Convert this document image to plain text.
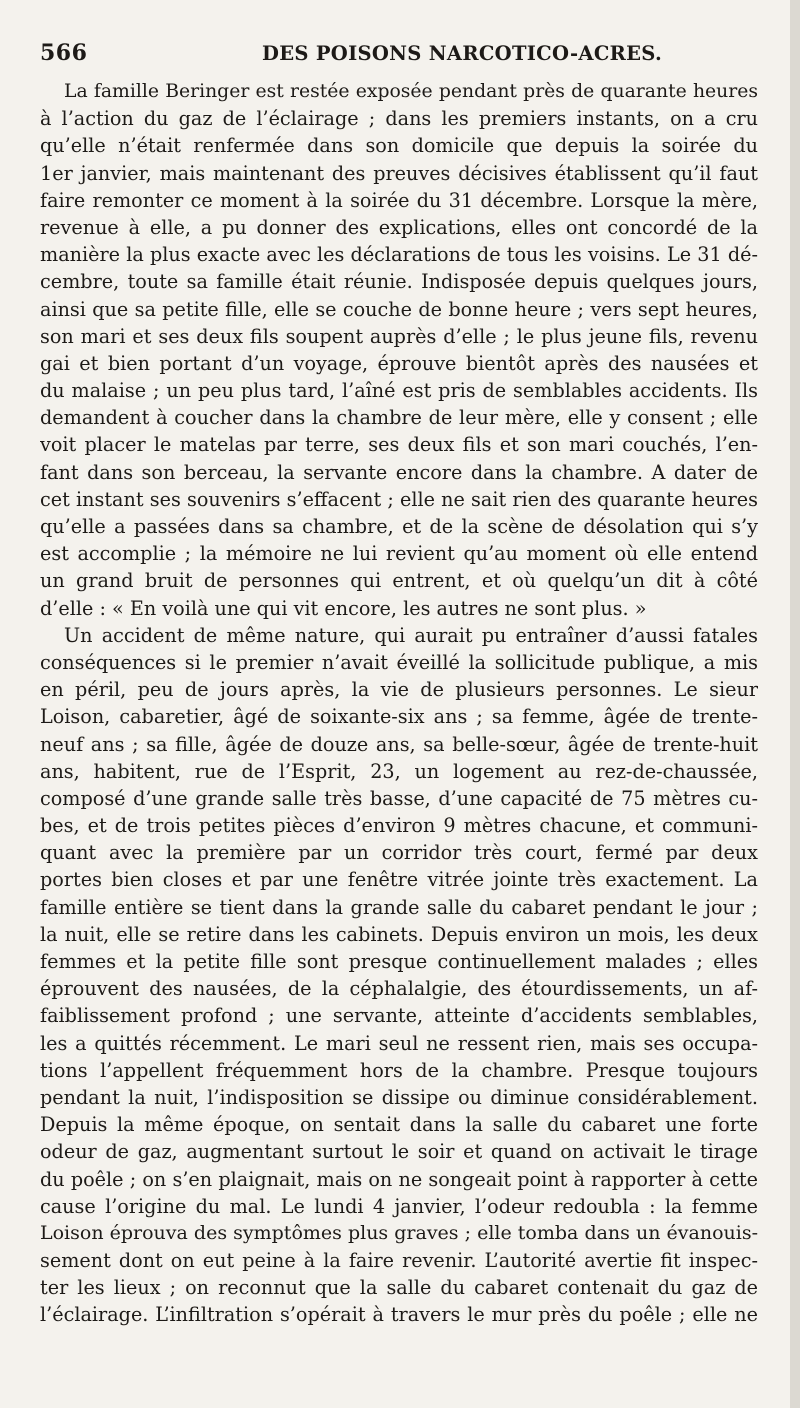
566	DES POISONS NARCOTICO-ACRES.
La famille Beringer est restée exposée pendant près de quarante heures
à l’action du gaz de l’éclairage ; dans les premiers instants, on a cru
qu’elle n’était renfermée dans son domicile que depuis la soirée du
1er janvier, mais maintenant des preuves décisives établissent qu’il faut
faire remonter ce moment à la soirée du 31 décembre. Lorsque la mère,
revenue à elle, a pu donner des explications, elles ont concordé de la
manière la plus exacte avec les déclarations de tous les voisins. Le 31 dé-
cembre, toute sa famille était réunie. Indisposée depuis quelques jours,
ainsi que sa petite fille, elle se couche de bonne heure ; vers sept heures,
son mari et ses deux fils soupent auprès d’elle ; le plus jeune fils, revenu
gai et bien portant d’un voyage, éprouve bientôt après des nausées et
du malaise ; un peu plus tard, l’aîné est pris de semblables accidents. Ils
demandent à coucher dans la chambre de leur mère, elle y consent ; elle
voit placer le matelas par terre, ses deux fils et son mari couchés, l’en-
fant dans son berceau, la servante encore dans la chambre. A dater de
cet instant ses souvenirs s’effacent ; elle ne sait rien des quarante heures
qu’elle a passées dans sa chambre, et de la scène de désolation qui s’y
est accomplie ; la mémoire ne lui revient qu’au moment où elle entend
un grand bruit de personnes qui entrent, et où quelqu’un dit à côté
d’elle : « En voilà une qui vit encore, les autres ne sont plus. »
Un accident de même nature, qui aurait pu entraîner d’aussi fatales
conséquences si le premier n’avait éveillé la sollicitude publique, a mis
en péril, peu de jours après, la vie de plusieurs personnes. Le sieur
Loison, cabaretier, âgé de soixante-six ans ; sa femme, âgée de trente-
neuf ans ; sa fille, âgée de douze ans, sa belle-sœur, âgée de trente-huit
ans, habitent, rue de l’Esprit, 23, un logement au rez-de-chaussée,
composé d’une grande salle très basse, d’une capacité de 75 mètres cu-
bes, et de trois petites pièces d’environ 9 mètres chacune, et communi-
quant avec la première par un corridor très court, fermé par deux
portes bien closes et par une fenêtre vitrée jointe très exactement. La
famille entière se tient dans la grande salle du cabaret pendant le jour ;
la nuit, elle se retire dans les cabinets. Depuis environ un mois, les deux
femmes et la petite fille sont presque continuellement malades ; elles
éprouvent des nausées, de la céphalalgie, des étourdissements, un af-
faiblissement profond ; une servante, atteinte d’accidents semblables,
les a quittés récemment. Le mari seul ne ressent rien, mais ses occupa-
tions l’appellent fréquemment hors de la chambre. Presque toujours
pendant la nuit, l’indisposition se dissipe ou diminue considérablement.
Depuis la même époque, on sentait dans la salle du cabaret une forte
odeur de gaz, augmentant surtout le soir et quand on activait le tirage
du poêle ; on s’en plaignait, mais on ne songeait point à rapporter à cette
cause l’origine du mal. Le lundi 4 janvier, l’odeur redoubla : la femme
Loison éprouva des symptômes plus graves ; elle tomba dans un évanouis-
sement dont on eut peine à la faire revenir. L’autorité avertie fit inspec-
ter les lieux ; on reconnut que la salle du cabaret contenait du gaz de
l’éclairage. L’infiltration s’opérait à travers le mur près du poêle ; elle ne
